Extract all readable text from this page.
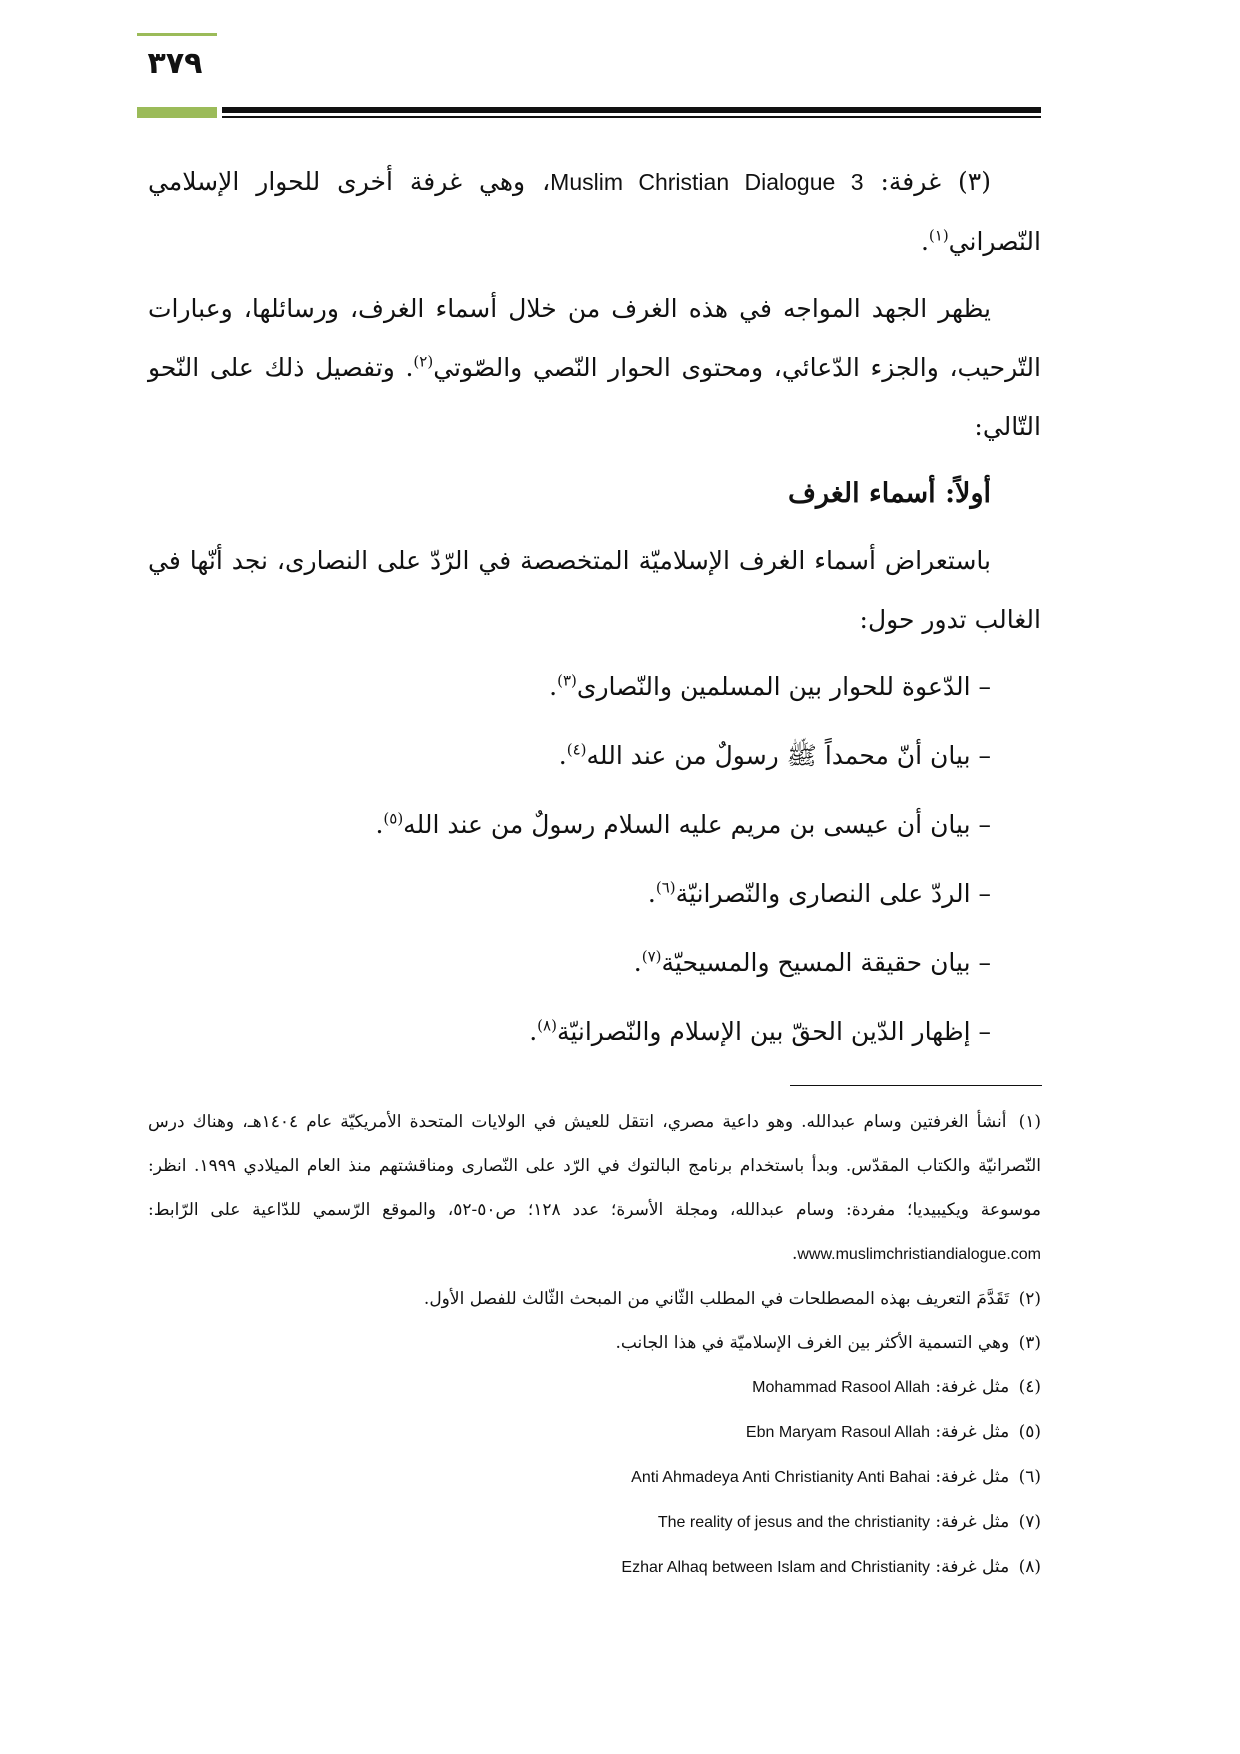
٣٧٩

(٣) غرفة: Muslim Christian Dialogue 3، وهي غرفة أخرى للحوار الإسلامي النّصراني$^{(١)}$.

يظهر الجهد المواجه في هذه الغرف من خلال أسماء الغرف، ورسائلها، وعبارات التّرحيب، والجزء الدّعائي، ومحتوى الحوار النّصي والصّوتي$^{(٢)}$. وتفصيل ذلك على النّحو التّالي:

أولاً: أسماء الغرف

باستعراض أسماء الغرف الإسلاميّة المتخصصة في الرّدّ على النصارى، نجد أنّها في الغالب تدور حول:

– الدّعوة للحوار بين المسلمين والنّصارى$^{(٣)}$.
– بيان أنّ محمداً ﷺ رسولٌ من عند الله$^{(٤)}$.
– بيان أن عيسى بن مريم عليه السلام رسولٌ من عند الله$^{(٥)}$.
– الردّ على النصارى والنّصرانيّة$^{(٦)}$.
– بيان حقيقة المسيح والمسيحيّة$^{(٧)}$.
– إظهار الدّين الحقّ بين الإسلام والنّصرانيّة$^{(٨)}$.

(١) أنشأ الغرفتين وسام عبدالله. وهو داعية مصري، انتقل للعيش في الولايات المتحدة الأمريكيّة عام ١٤٠٤هـ، وهناك درس النّصرانيّة والكتاب المقدّس. وبدأ باستخدام برنامج البالتوك في الرّد على النّصارى ومناقشتهم منذ العام الميلادي ١٩٩٩. انظر: موسوعة ويكيبيديا؛ مفردة: وسام عبدالله، ومجلة الأسرة؛ عدد ١٢٨؛ ص٥٠-٥٢، والموقع الرّسمي للدّاعية على الرّابط: www.muslimchristiandialogue.com.

(٢) تَقَدَّمَ التعريف بهذه المصطلحات في المطلب الثّاني من المبحث الثّالث للفصل الأول.

(٣) وهي التسمية الأكثر بين الغرف الإسلاميّة في هذا الجانب.

(٤) مثل غرفة: Mohammad Rasool Allah

(٥) مثل غرفة: Ebn Maryam Rasoul Allah

(٦) مثل غرفة: Anti Ahmadeya Anti Christianity Anti Bahai

(٧) مثل غرفة: The reality of jesus and the christianity

(٨) مثل غرفة: Ezhar Alhaq between Islam and Christianity
